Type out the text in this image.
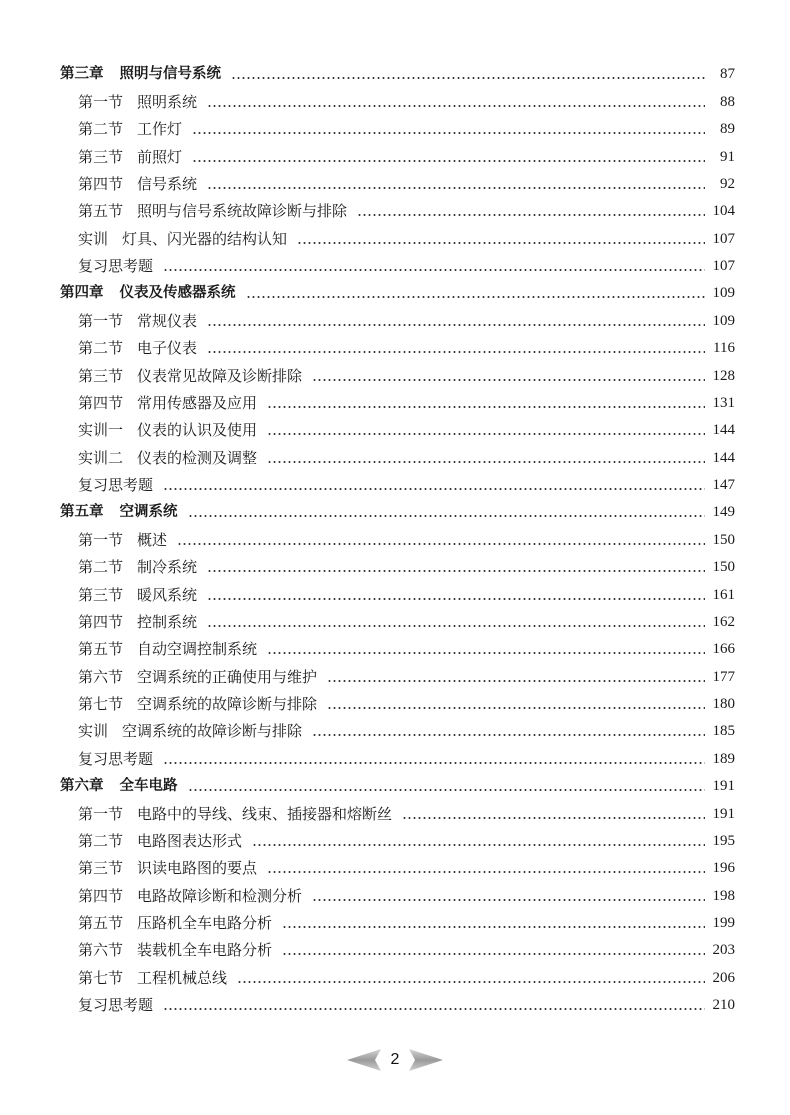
第三章 照明与信号系统	87
第一节 照明系统	88
第二节 工作灯	89
第三节 前照灯	91
第四节 信号系统	92
第五节 照明与信号系统故障诊断与排除	104
实训 灯具、闪光器的结构认知	107
复习思考题	107
第四章 仪表及传感器系统	109
第一节 常规仪表	109
第二节 电子仪表	116
第三节 仪表常见故障及诊断排除	128
第四节 常用传感器及应用	131
实训一 仪表的认识及使用	144
实训二 仪表的检测及调整	144
复习思考题	147
第五章 空调系统	149
第一节 概述	150
第二节 制冷系统	150
第三节 暖风系统	161
第四节 控制系统	162
第五节 自动空调控制系统	166
第六节 空调系统的正确使用与维护	177
第七节 空调系统的故障诊断与排除	180
实训 空调系统的故障诊断与排除	185
复习思考题	189
第六章 全车电路	191
第一节 电路中的导线、线束、插接器和熔断丝	191
第二节 电路图表达形式	195
第三节 识读电路图的要点	196
第四节 电路故障诊断和检测分析	198
第五节 压路机全车电路分析	199
第六节 装载机全车电路分析	203
第七节 工程机械总线	206
复习思考题	210
2
